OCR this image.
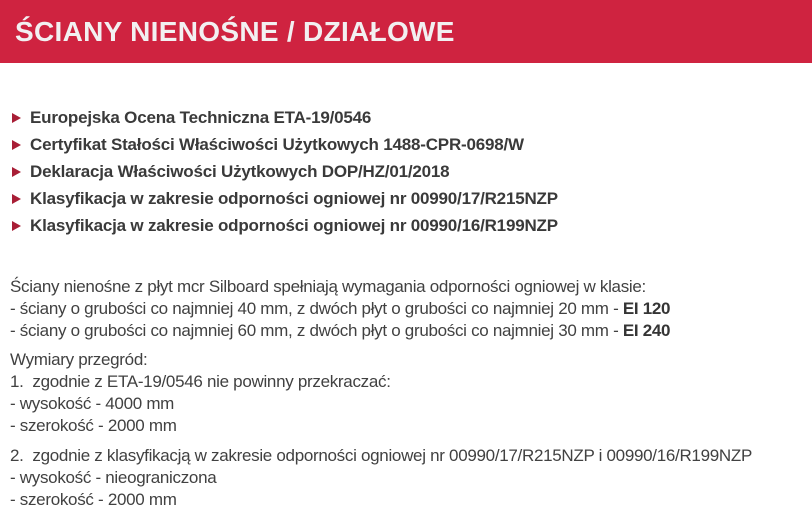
ŚCIANY NIENOŚNE / DZIAŁOWE
Europejska Ocena Techniczna ETA-19/0546
Certyfikat Stałości Właściwości Użytkowych 1488-CPR-0698/W
Deklaracja Właściwości Użytkowych DOP/HZ/01/2018
Klasyfikacja w zakresie odporności ogniowej nr 00990/17/R215NZP
Klasyfikacja w zakresie odporności ogniowej nr 00990/16/R199NZP
Ściany nienośne z płyt mcr Silboard spełniają wymagania odporności ogniowej w klasie:
- ściany o grubości co najmniej 40 mm, z dwóch płyt o grubości co najmniej 20 mm - EI 120
- ściany o grubości co najmniej 60 mm, z dwóch płyt o grubości co najmniej 30 mm - EI 240
Wymiary przegród:
1.  zgodnie z ETA-19/0546 nie powinny przekraczać:
- wysokość - 4000 mm
- szerokość - 2000 mm
2.  zgodnie z klasyfikacją w zakresie odporności ogniowej nr 00990/17/R215NZP i 00990/16/R199NZP
- wysokość - nieograniczona
- szerokość - 2000 mm
